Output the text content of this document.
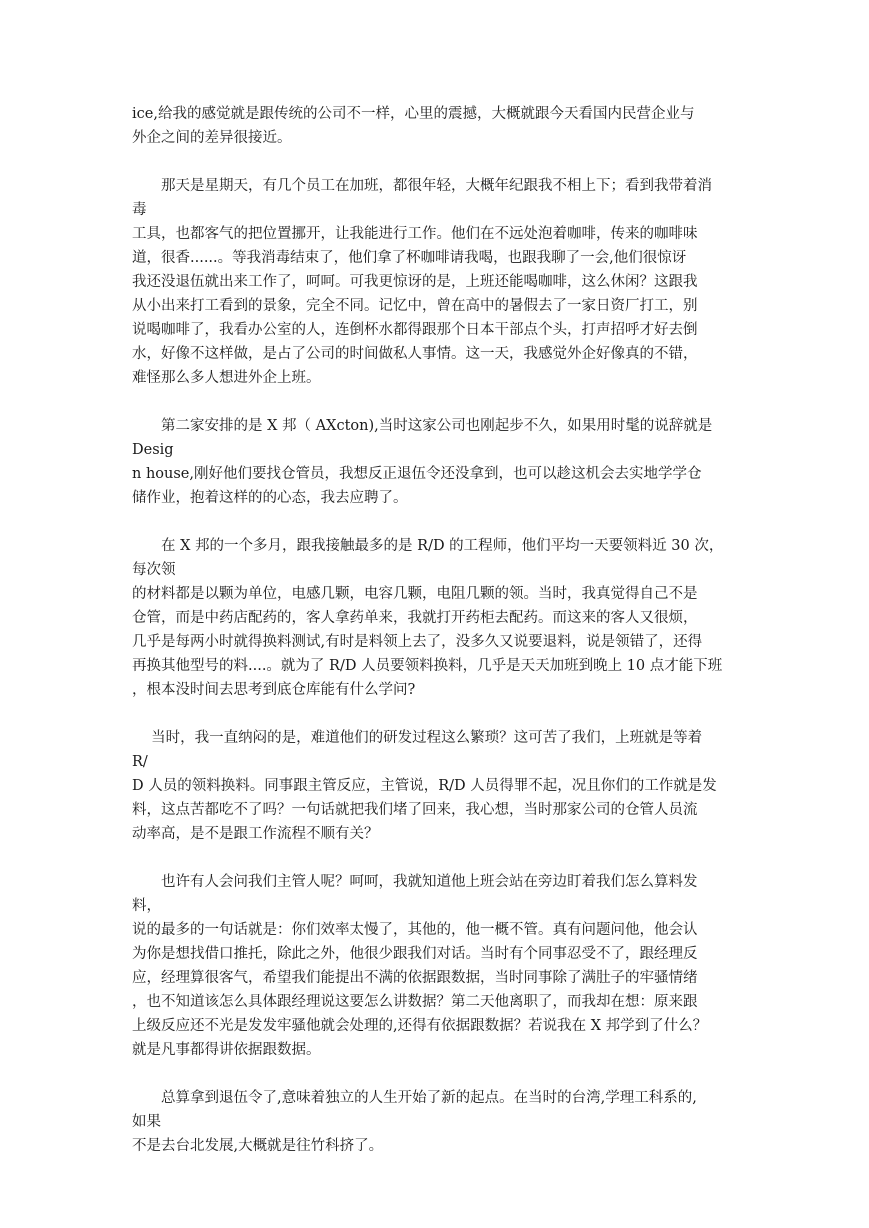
ice,给我的感觉就是跟传统的公司不一样，心里的震撼，大概就跟今天看国内民营企业与

外企之间的差异很接近。

　　那天是星期天，有几个员工在加班，都很年轻，大概年纪跟我不相上下；看到我带着消

毒

工具，也都客气的把位置挪开，让我能进行工作。他们在不远处泡着咖啡，传来的咖啡味

道，很香......。等我消毒结束了，他们拿了杯咖啡请我喝，也跟我聊了一会,他们很惊讶

我还没退伍就出来工作了，呵呵。可我更惊讶的是，上班还能喝咖啡，这么休闲？这跟我

从小出来打工看到的景象，完全不同。记忆中，曾在高中的暑假去了一家日资厂打工，别

说喝咖啡了，我看办公室的人，连倒杯水都得跟那个日本干部点个头，打声招呼才好去倒

水，好像不这样做，是占了公司的时间做私人事情。这一天，我感觉外企好像真的不错，

难怪那么多人想进外企上班。

　　第二家安排的是 X 邦（ AXcton),当时这家公司也刚起步不久，如果用时髦的说辞就是

Desig

n house,刚好他们要找仓管员，我想反正退伍令还没拿到，也可以趁这机会去实地学学仓

储作业，抱着这样的的心态，我去应聘了。

　　在 X 邦的一个多月，跟我接触最多的是 R/D 的工程师，他们平均一天要领料近 30 次，

每次领

的材料都是以颗为单位，电感几颗，电容几颗，电阻几颗的领。当时，我真觉得自己不是

仓管，而是中药店配药的，客人拿药单来，我就打开药柜去配药。而这来的客人又很烦，

几乎是每两小时就得换料测试,有时是料领上去了，没多久又说要退料，说是领错了，还得

再换其他型号的料....。就为了 R/D 人员要领料换料，几乎是天天加班到晚上 10 点才能下班

，根本没时间去思考到底仓库能有什么学问?

　 当时，我一直纳闷的是，难道他们的研发过程这么繁琐？这可苦了我们，上班就是等着

R/

D 人员的领料换料。同事跟主管反应，主管说，R/D 人员得罪不起，况且你们的工作就是发

料，这点苦都吃不了吗？一句话就把我们堵了回来，我心想，当时那家公司的仓管人员流

动率高，是不是跟工作流程不顺有关？

　　也许有人会问我们主管人呢？呵呵，我就知道他上班会站在旁边盯着我们怎么算料发

料，

说的最多的一句话就是：你们效率太慢了，其他的，他一概不管。真有问题问他，他会认

为你是想找借口推托，除此之外，他很少跟我们对话。当时有个同事忍受不了，跟经理反

应，经理算很客气，希望我们能提出不满的依据跟数据，当时同事除了满肚子的牢骚情绪

，也不知道该怎么具体跟经理说这要怎么讲数据？第二天他离职了，而我却在想：原来跟

上级反应还不光是发发牢骚他就会处理的,还得有依据跟数据？若说我在 X 邦学到了什么？

就是凡事都得讲依据跟数据。

　　总算拿到退伍令了,意味着独立的人生开始了新的起点。在当时的台湾,学理工科系的,

如果

不是去台北发展,大概就是往竹科挤了。
